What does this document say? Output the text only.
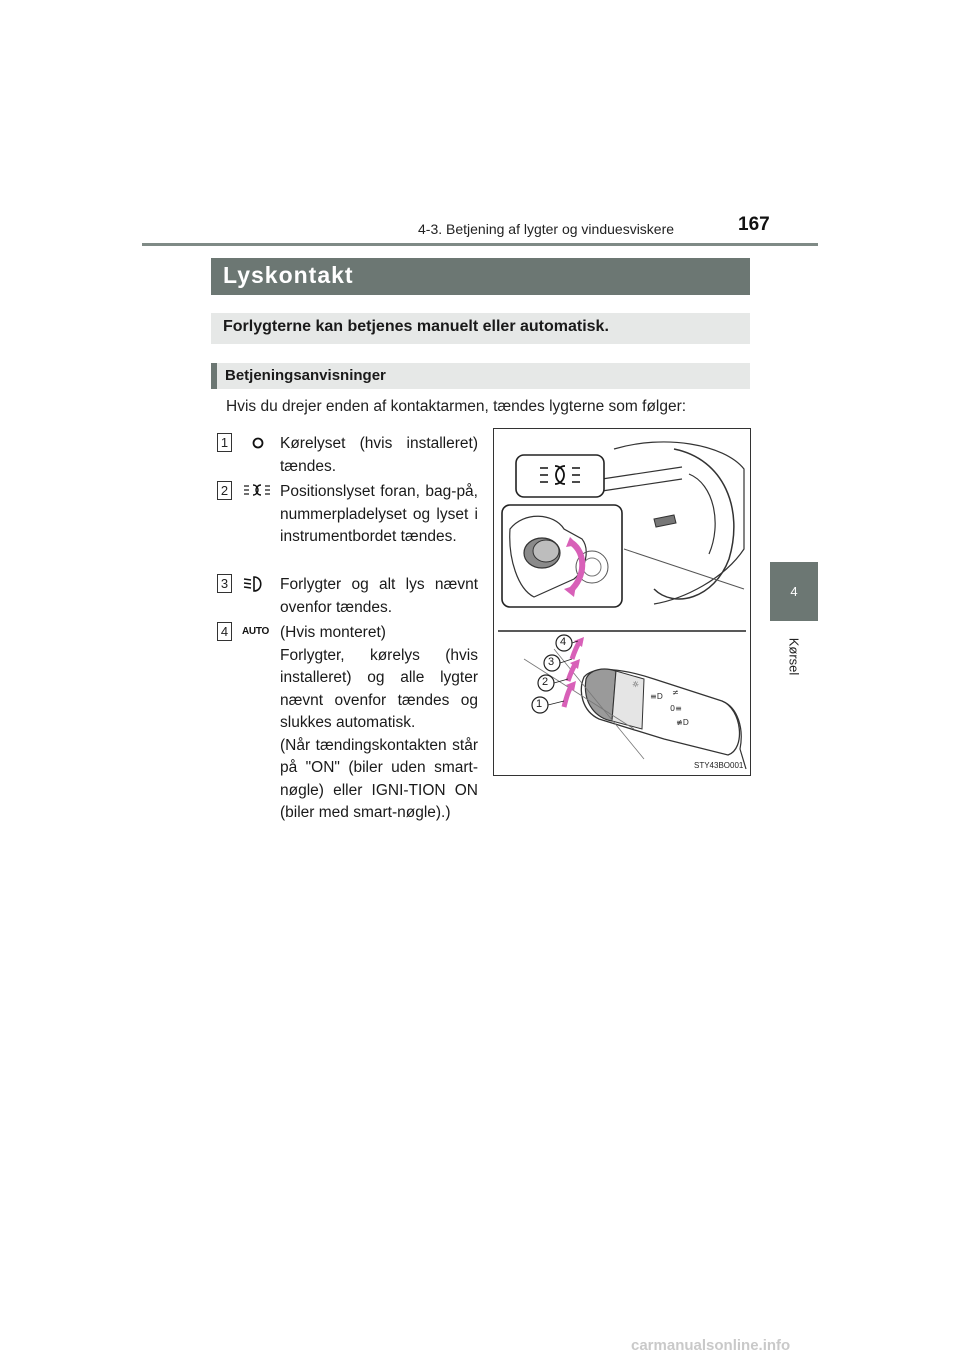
4-3. Betjening af lygter og vinduesviskere	167
4
Kørsel
Lyskontakt
Forlygterne kan betjenes manuelt eller automatisk.
Betjeningsanvisninger
Hvis du drejer enden af kontaktarmen, tændes lygterne som følger:
1	Kørelyset (hvis installeret) tændes.
2	Positionslyset foran, bag-på, nummerpladelyset og lyset i instrumentbordet tændes.
3	Forlygter og alt lys nævnt ovenfor tændes.
4	AUTO (Hvis monteret)
Forlygter, kørelys (hvis installeret) og alle lygter nævnt ovenfor tændes og slukkes automatisk.
(Når tændingskontakten står på "ON" (biler uden smart-nøgle) eller IGNI-TION ON (biler med smart-nøgle).)
☼
≡D ≠
0≡
≢D
1
2
3
4
STY43BO001
carmanualsonline.info
